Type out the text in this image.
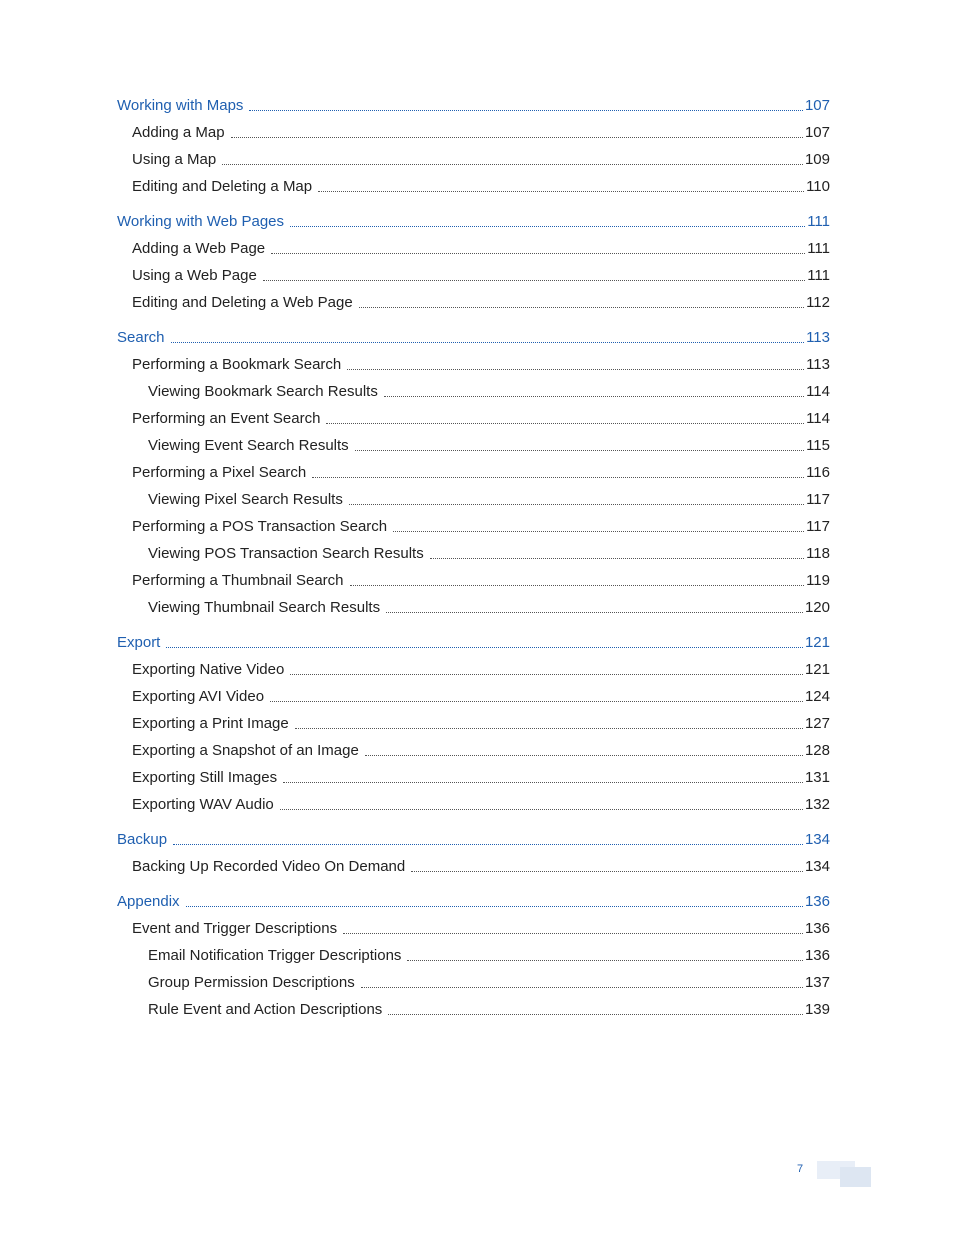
Working with Maps	107
Adding a Map	107
Using a Map	109
Editing and Deleting a Map	110
Working with Web Pages	111
Adding a Web Page	111
Using a Web Page	111
Editing and Deleting a Web Page	112
Search	113
Performing a Bookmark Search	113
Viewing Bookmark Search Results	114
Performing an Event Search	114
Viewing Event Search Results	115
Performing a Pixel Search	116
Viewing Pixel Search Results	117
Performing a POS Transaction Search	117
Viewing POS Transaction Search Results	118
Performing a Thumbnail Search	119
Viewing Thumbnail Search Results	120
Export	121
Exporting Native Video	121
Exporting AVI Video	124
Exporting a Print Image	127
Exporting a Snapshot of an Image	128
Exporting Still Images	131
Exporting WAV Audio	132
Backup	134
Backing Up Recorded Video On Demand	134
Appendix	136
Event and Trigger Descriptions	136
Email Notification Trigger Descriptions	136
Group Permission Descriptions	137
Rule Event and Action Descriptions	139
7
